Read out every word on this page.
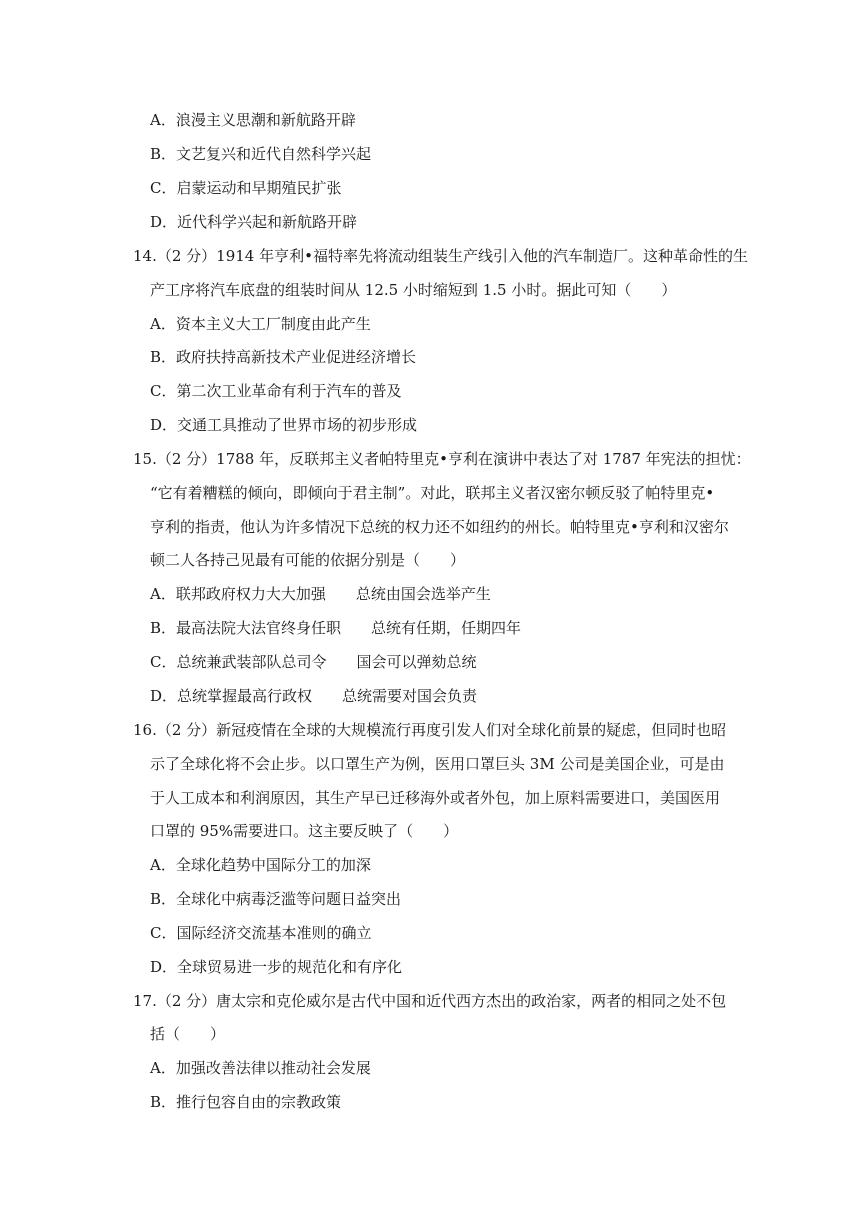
A．浪漫主义思潮和新航路开辟
B．文艺复兴和近代自然科学兴起
C．启蒙运动和早期殖民扩张
D．近代科学兴起和新航路开辟
14.（2 分）1914 年亨利•福特率先将流动组装生产线引入他的汽车制造厂。这种革命性的生
产工序将汽车底盘的组装时间从 12.5 小时缩短到 1.5 小时。据此可知（　　）
A．资本主义大工厂制度由此产生
B．政府扶持高新技术产业促进经济增长
C．第二次工业革命有利于汽车的普及
D．交通工具推动了世界市场的初步形成
15.（2 分）1788 年，反联邦主义者帕特里克•亨利在演讲中表达了对 1787 年宪法的担忧：
“它有着糟糕的倾向，即倾向于君主制”。对此，联邦主义者汉密尔顿反驳了帕特里克•
亨利的指责，他认为许多情况下总统的权力还不如纽约的州长。帕特里克•亨利和汉密尔
顿二人各持己见最有可能的依据分别是（　　）
A．联邦政府权力大大加强　　总统由国会选举产生
B．最高法院大法官终身任职　　总统有任期，任期四年
C．总统兼武装部队总司令　　国会可以弹劾总统
D．总统掌握最高行政权　　总统需要对国会负责
16.（2 分）新冠疫情在全球的大规模流行再度引发人们对全球化前景的疑虑，但同时也昭
示了全球化将不会止步。以口罩生产为例，医用口罩巨头 3M 公司是美国企业，可是由
于人工成本和利润原因，其生产早已迁移海外或者外包，加上原料需要进口，美国医用
口罩的 95%需要进口。这主要反映了（　　）
A．全球化趋势中国际分工的加深
B．全球化中病毒泛滥等问题日益突出
C．国际经济交流基本准则的确立
D．全球贸易进一步的规范化和有序化
17.（2 分）唐太宗和克伦威尔是古代中国和近代西方杰出的政治家，两者的相同之处不包
括（　　）
A．加强改善法律以推动社会发展
B．推行包容自由的宗教政策
